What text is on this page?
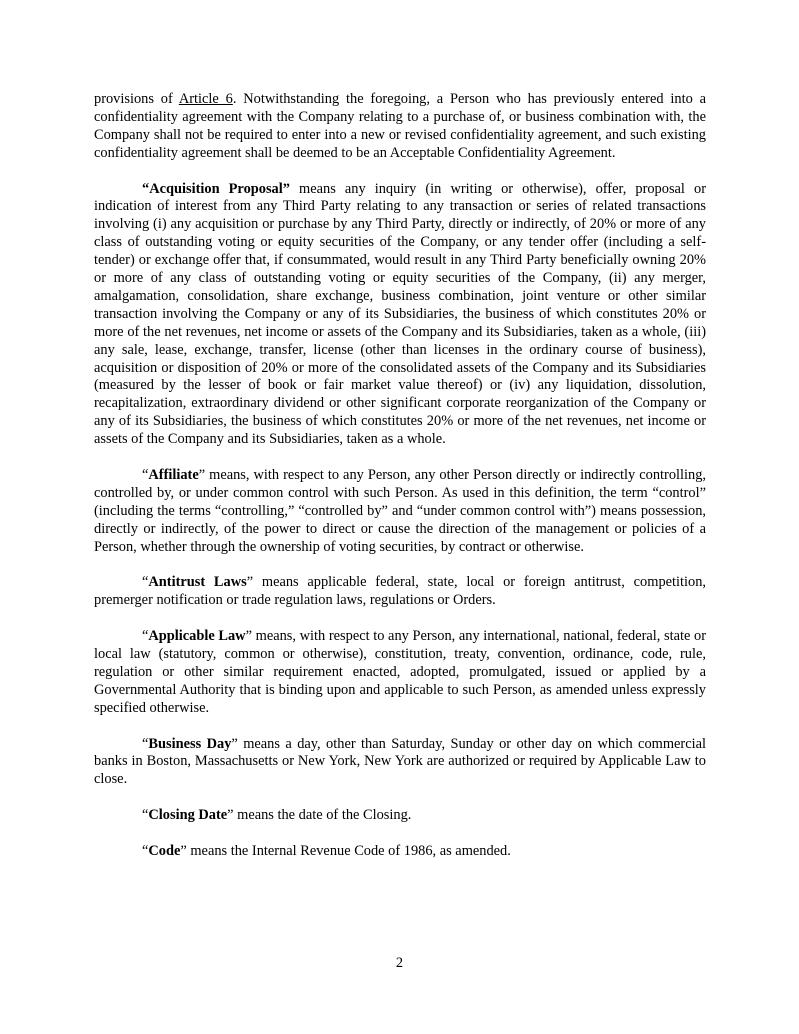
provisions of Article 6. Notwithstanding the foregoing, a Person who has previously entered into a confidentiality agreement with the Company relating to a purchase of, or business combination with, the Company shall not be required to enter into a new or revised confidentiality agreement, and such existing confidentiality agreement shall be deemed to be an Acceptable Confidentiality Agreement.

“Acquisition Proposal” means any inquiry (in writing or otherwise), offer, proposal or indication of interest from any Third Party relating to any transaction or series of related transactions involving (i) any acquisition or purchase by any Third Party, directly or indirectly, of 20% or more of any class of outstanding voting or equity securities of the Company, or any tender offer (including a self-tender) or exchange offer that, if consummated, would result in any Third Party beneficially owning 20% or more of any class of outstanding voting or equity securities of the Company, (ii) any merger, amalgamation, consolidation, share exchange, business combination, joint venture or other similar transaction involving the Company or any of its Subsidiaries, the business of which constitutes 20% or more of the net revenues, net income or assets of the Company and its Subsidiaries, taken as a whole, (iii) any sale, lease, exchange, transfer, license (other than licenses in the ordinary course of business), acquisition or disposition of 20% or more of the consolidated assets of the Company and its Subsidiaries (measured by the lesser of book or fair market value thereof) or (iv) any liquidation, dissolution, recapitalization, extraordinary dividend or other significant corporate reorganization of the Company or any of its Subsidiaries, the business of which constitutes 20% or more of the net revenues, net income or assets of the Company and its Subsidiaries, taken as a whole.

“Affiliate” means, with respect to any Person, any other Person directly or indirectly controlling, controlled by, or under common control with such Person. As used in this definition, the term “control” (including the terms “controlling,” “controlled by” and “under common control with”) means possession, directly or indirectly, of the power to direct or cause the direction of the management or policies of a Person, whether through the ownership of voting securities, by contract or otherwise.

“Antitrust Laws” means applicable federal, state, local or foreign antitrust, competition, premerger notification or trade regulation laws, regulations or Orders.

“Applicable Law” means, with respect to any Person, any international, national, federal, state or local law (statutory, common or otherwise), constitution, treaty, convention, ordinance, code, rule, regulation or other similar requirement enacted, adopted, promulgated, issued or applied by a Governmental Authority that is binding upon and applicable to such Person, as amended unless expressly specified otherwise.

“Business Day” means a day, other than Saturday, Sunday or other day on which commercial banks in Boston, Massachusetts or New York, New York are authorized or required by Applicable Law to close.

“Closing Date” means the date of the Closing.

“Code” means the Internal Revenue Code of 1986, as amended.

2
